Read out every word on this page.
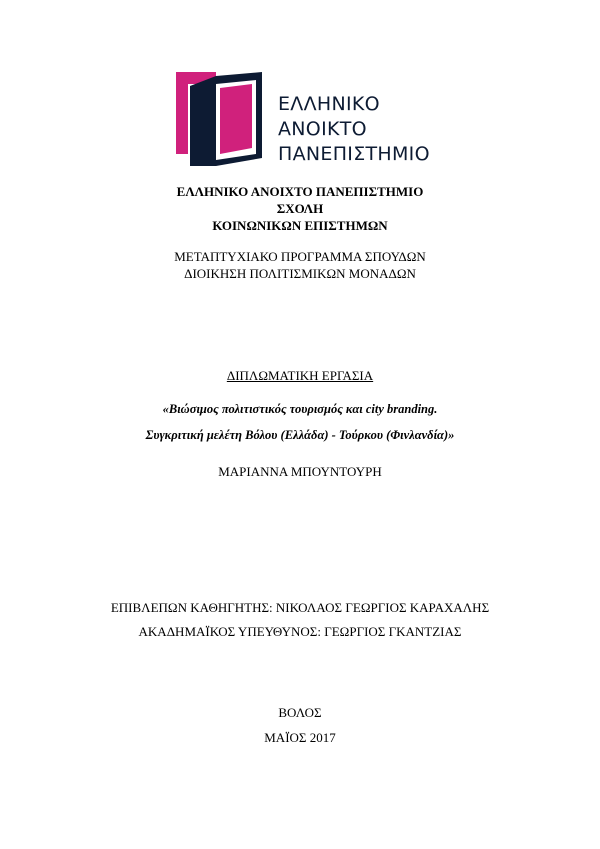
ΕΛΛΗΝΙΚΟ
ΑΝΟΙΚΤΟ
ΠΑΝΕΠΙΣΤΗΜΙΟ
ΕΛΛΗΝΙΚΟ ΑΝΟΙΧΤΟ ΠΑΝΕΠΙΣΤΗΜΙΟ
ΣΧΟΛΗ
ΚΟΙΝΩΝΙΚΩΝ ΕΠΙΣΤΗΜΩΝ
ΜΕΤΑΠΤΥΧΙΑΚΟ ΠΡΟΓΡΑΜΜΑ ΣΠΟΥΔΩΝ
ΔΙΟΙΚΗΣΗ ΠΟΛΙΤΙΣΜΙΚΩΝ ΜΟΝΑΔΩΝ
ΔΙΠΛΩΜΑΤΙΚΗ ΕΡΓΑΣΙΑ
«Βιώσιμος πολιτιστικός τουρισμός και city branding.
Συγκριτική μελέτη Βόλου (Ελλάδα) - Τούρκου (Φινλανδία)»
ΜΑΡΙΑΝΝΑ ΜΠΟΥΝΤΟΥΡΗ
ΕΠΙΒΛΕΠΩΝ ΚΑΘΗΓΗΤΗΣ: ΝΙΚΟΛΑΟΣ ΓΕΩΡΓΙΟΣ ΚΑΡΑΧΑΛΗΣ
ΑΚΑΔΗΜΑΪΚΟΣ ΥΠΕΥΘΥΝΟΣ: ΓΕΩΡΓΙΟΣ ΓΚΑΝΤΖΙΑΣ
ΒΟΛΟΣ
ΜΑΪΟΣ 2017
